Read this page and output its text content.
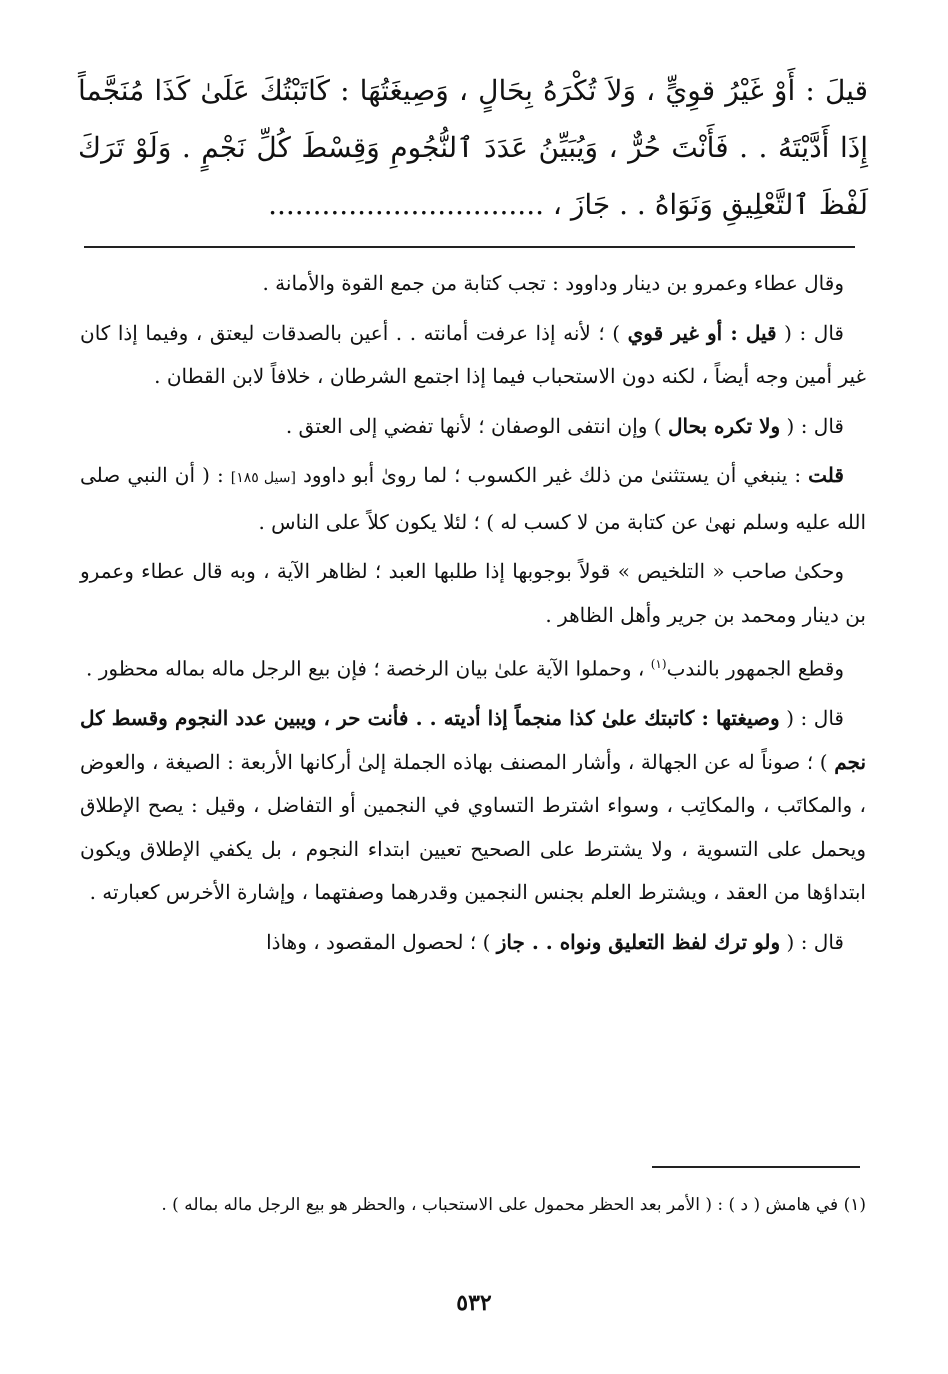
قيلَ : أَوْ غَيْرُ قوِيٍّ ، وَلاَ تُكْرَهُ بِحَالٍ ، وَصِيغَتُهَا : كَاتَبْتُكَ عَلَىٰ كَذَا مُنَجَّماً إِذَا أَدَّيْتَهُ . . فَأَنْتَ حُرٌّ ، وَيُبَيِّنُ عَدَدَ ٱلنُّجُومِ وَقِسْطَ كُلِّ نَجْمٍ . وَلَوْ تَرَكَ لَفْظَ ٱلتَّعْلِيقِ وَنَوَاهُ . . جَازَ ، ...............................

وقال عطاء وعمرو بن دينار وداوود : تجب كتابة من جمع القوة والأمانة .

قال : ( قيل : أو غير قوي ) ؛ لأنه إذا عرفت أمانته . . أعين بالصدقات ليعتق ، وفيما إذا كان غير أمين وجه أيضاً ، لكنه دون الاستحباب فيما إذا اجتمع الشرطان ، خلافاً لابن القطان .

قال : ( ولا تكره بحال ) وإن انتفى الوصفان ؛ لأنها تفضي إلى العتق .

قلت : ينبغي أن يستثنىٰ من ذلك غير الكسوب ؛ لما روىٰ أبو داوود [سيل ١٨٥] : ( أن النبي صلى الله عليه وسلم نهىٰ عن كتابة من لا كسب له ) ؛ لئلا يكون كلاً على الناس .

وحكىٰ صاحب « التلخيص » قولاً بوجوبها إذا طلبها العبد ؛ لظاهر الآية ، وبه قال عطاء وعمرو بن دينار ومحمد بن جرير وأهل الظاهر .

وقطع الجمهور بالندب$^{(١)}$ ، وحملوا الآية علىٰ بيان الرخصة ؛ فإن بيع الرجل ماله بماله محظور .

قال : ( وصيغتها : كاتبتك علىٰ كذا منجماً إذا أديته . . فأنت حر ، ويبين عدد النجوم وقسط كل نجم ) ؛ صوناً له عن الجهالة ، وأشار المصنف بهاذه الجملة إلىٰ أركانها الأربعة : الصيغة ، والعوض ، والمكاتَب ، والمكاتِب ، وسواء اشترط التساوي في النجمين أو التفاضل ، وقيل : يصح الإطلاق ويحمل على التسوية ، ولا يشترط على الصحيح تعيين ابتداء النجوم ، بل يكفي الإطلاق ويكون ابتداؤها من العقد ، ويشترط العلم بجنس النجمين وقدرهما وصفتهما ، وإشارة الأخرس كعبارته .

قال : ( ولو ترك لفظ التعليق ونواه . . جاز ) ؛ لحصول المقصود ، وهاذا

(١) في هامش ( د ) : ( الأمر بعد الحظر محمول على الاستحباب ، والحظر هو بيع الرجل ماله بماله ) .

٥٣٢
